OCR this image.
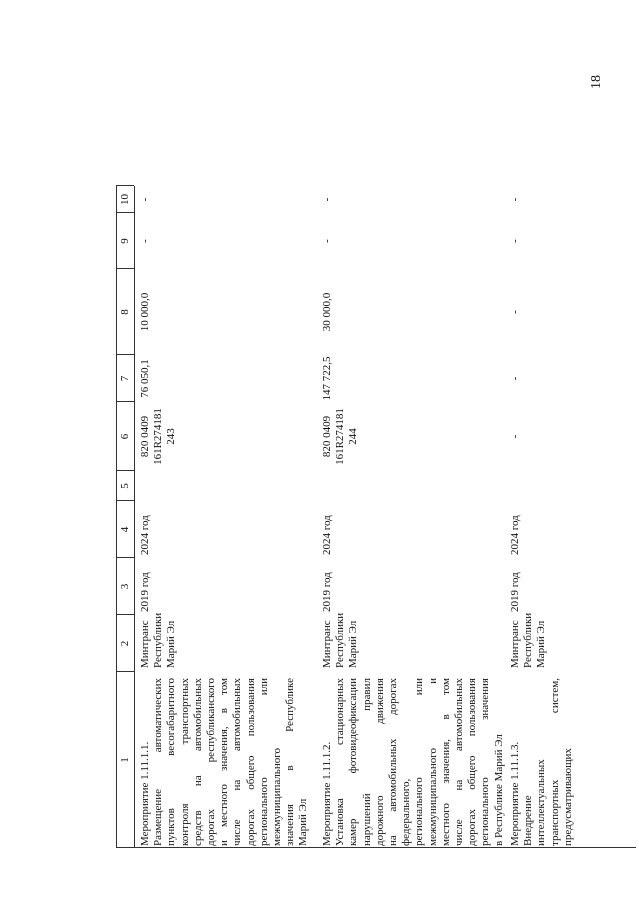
18
1
2
3
4
5
6
7
8
9
10
Мероприятие 1.11.1.1. Размещение автоматических пунктов весогабаритного контроля транспортных средств на автомобильных дорогах республиканского и местного значения, в том числе на автомобильных дорогах общего пользования регионального или межмуниципального значения в Республике Марий Эл
Минтранс Республики Марий Эл
2019 год
2024 год
820 0409 161R274181 243
76 050,1
10 000,0
-
-
Мероприятие 1.11.1.2. Установка стационарных камер фотовидеофиксации нарушений правил дорожного движения на автомобильных дорогах федерального, регионального или межмуниципального и местного значения, в том числе на автомобильных дорогах общего пользования регионального значения в Республике Марий Эл
Минтранс Республики Марий Эл
2019 год
2024 год
820 0409 161R274181 244
147 722,5
30 000,0
-
-
Мероприятие 1.11.1.3. Внедрение интеллектуальных транспортных систем, предусматривающих
Минтранс Республики Марий Эл
2019 год
2024 год
-
-
-
-
-
